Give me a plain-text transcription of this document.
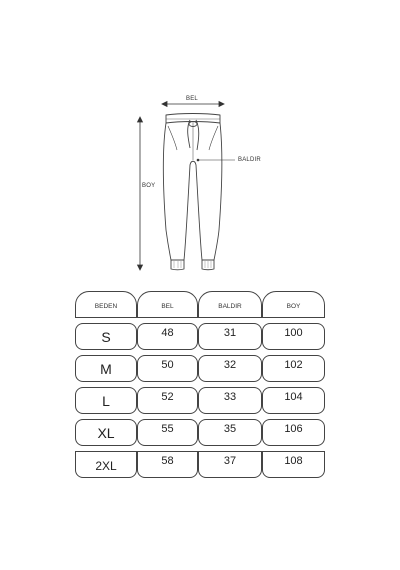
BEL
BALDIR
BOY
BEDEN	BEL	BALDIR	BOY
S	48	31	100
M	50	32	102
L	52	33	104
XL	55	35	106
2XL	58	37	108
